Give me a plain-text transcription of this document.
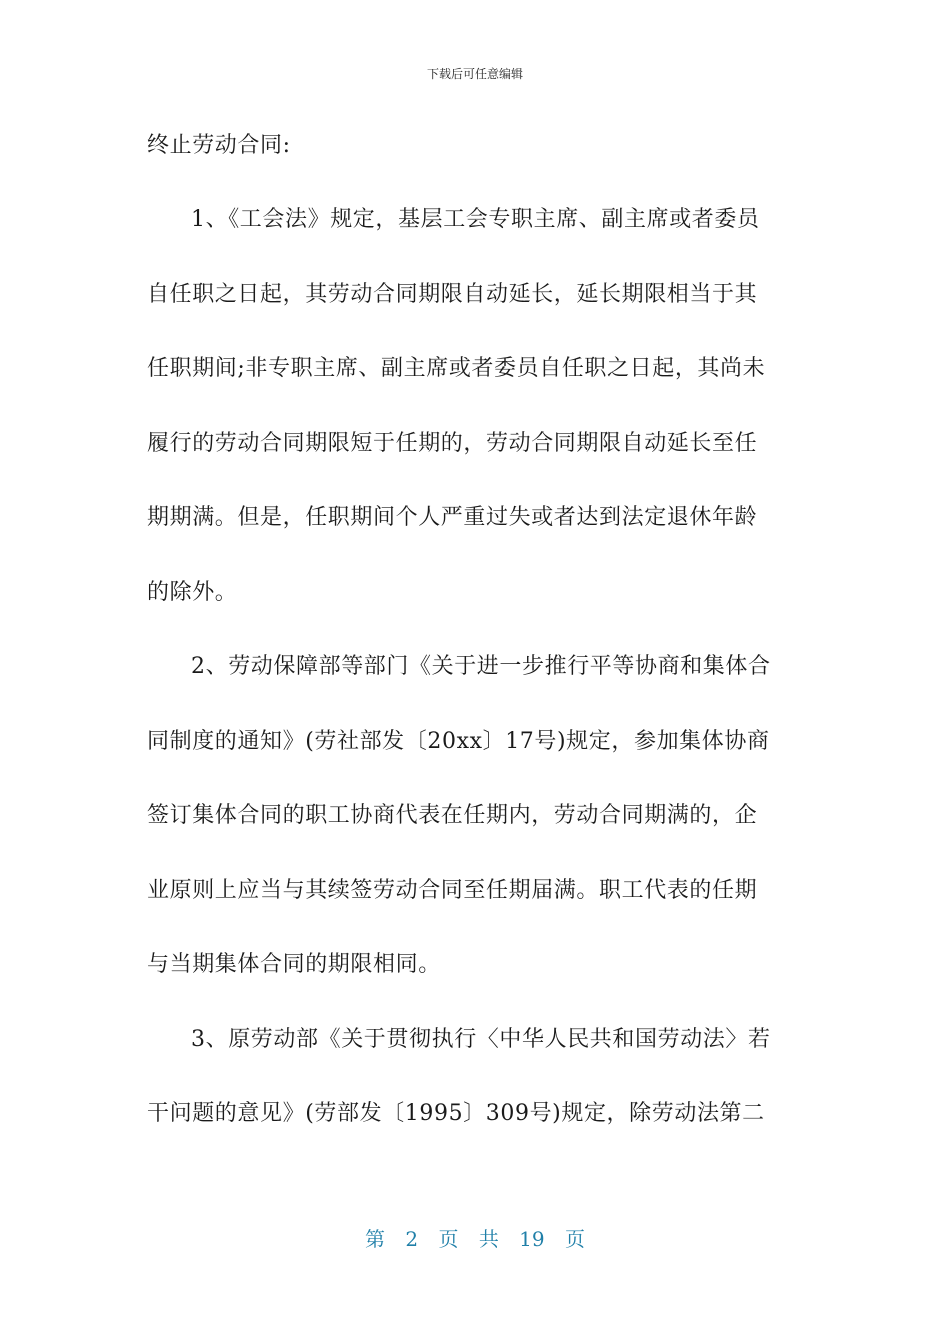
下载后可任意编辑

终止劳动合同:

1、《工会法》规定，基层工会专职主席、副主席或者委员

自任职之日起，其劳动合同期限自动延长，延长期限相当于其

任职期间;非专职主席、副主席或者委员自任职之日起，其尚未

履行的劳动合同期限短于任期的，劳动合同期限自动延长至任

期期满。但是，任职期间个人严重过失或者达到法定退休年龄

的除外。

2、劳动保障部等部门《关于进一步推行平等协商和集体合

同制度的通知》(劳社部发〔20xx〕17号)规定，参加集体协商

签订集体合同的职工协商代表在任期内，劳动合同期满的，企

业原则上应当与其续签劳动合同至任期届满。职工代表的任期

与当期集体合同的期限相同。

3、原劳动部《关于贯彻执行〈中华人民共和国劳动法〉若

干问题的意见》(劳部发〔1995〕309号)规定，除劳动法第二

第 2 页 共 19 页
